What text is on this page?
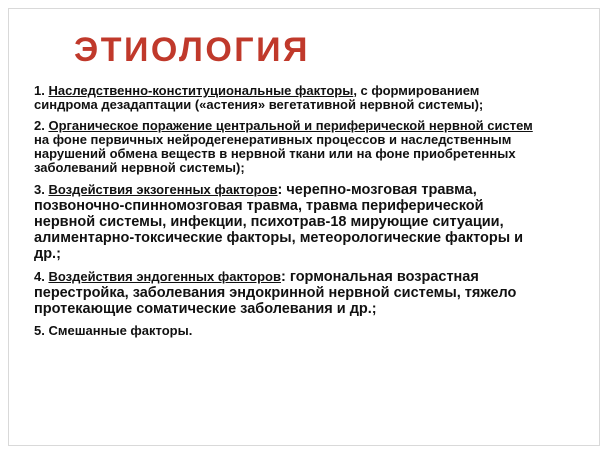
ЭТИОЛОГИЯ

1. Наследственно-конституциональные факторы, с формированием синдрома дезадаптации («астения» вегетативной нервной системы);

2. Органическое поражение центральной и периферической нервной систем на фоне первичных нейродегенеративных процессов и наследственным нарушений обмена веществ в нервной ткани или на фоне приобретенных заболеваний нервной системы);

3. Воздействия экзогенных факторов: черепно-мозговая травма, позвоночно-спинномозговая травма, травма периферической нервной системы, инфекции, психотрав-18 мирующие ситуации, алиментарно-токсические факторы, метеорологические факторы и др.;

4. Воздействия эндогенных факторов: гормональная возрастная перестройка, заболевания эндокринной нервной системы, тяжело протекающие соматические заболевания и др.;

5. Смешанные факторы.
